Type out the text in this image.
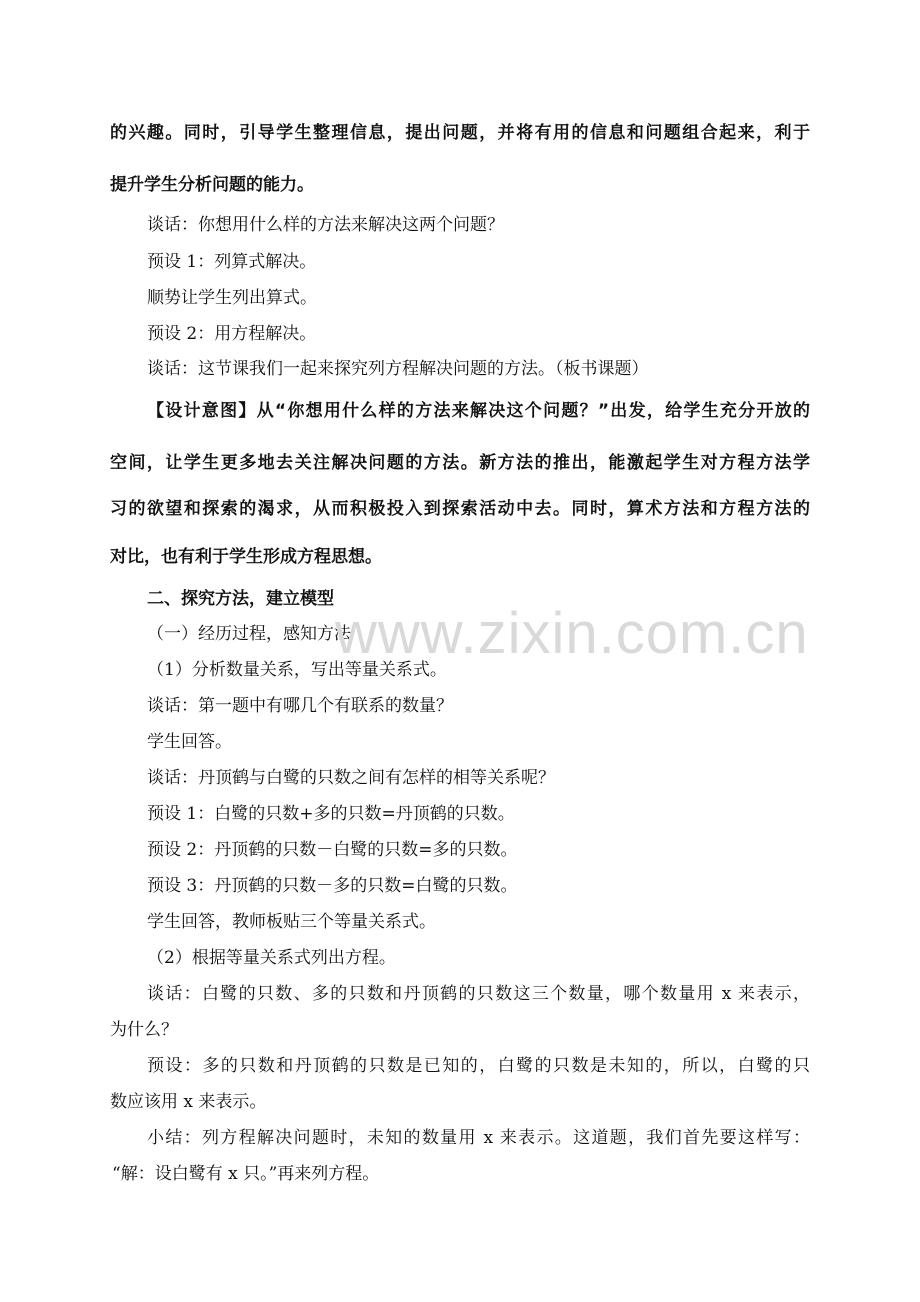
的兴趣。同时，引导学生整理信息，提出问题，并将有用的信息和问题组合起来，利于
提升学生分析问题的能力。
谈话：你想用什么样的方法来解决这两个问题？
预设 1：列算式解决。
顺势让学生列出算式。
预设 2：用方程解决。
谈话：这节课我们一起来探究列方程解决问题的方法。（板书课题）
【设计意图】从“你想用什么样的方法来解决这个问题？”出发，给学生充分开放的
空间，让学生更多地去关注解决问题的方法。新方法的推出，能激起学生对方程方法学
习的欲望和探索的渴求，从而积极投入到探索活动中去。同时，算术方法和方程方法的
对比，也有利于学生形成方程思想。
二、探究方法，建立模型
（一）经历过程，感知方法
（1）分析数量关系，写出等量关系式。
谈话：第一题中有哪几个有联系的数量？
学生回答。
谈话：丹顶鹤与白鹭的只数之间有怎样的相等关系呢？
预设 1：白鹭的只数+多的只数=丹顶鹤的只数。
预设 2：丹顶鹤的只数－白鹭的只数=多的只数。
预设 3：丹顶鹤的只数－多的只数=白鹭的只数。
学生回答，教师板贴三个等量关系式。
（2）根据等量关系式列出方程。
谈话：白鹭的只数、多的只数和丹顶鹤的只数这三个数量，哪个数量用 x 来表示，
为什么？
预设：多的只数和丹顶鹤的只数是已知的，白鹭的只数是未知的，所以，白鹭的只
数应该用 x 来表示。
小结：列方程解决问题时，未知的数量用 x 来表示。这道题，我们首先要这样写：
“解：设白鹭有 x 只。”再来列方程。
www.zixin.com.cn
